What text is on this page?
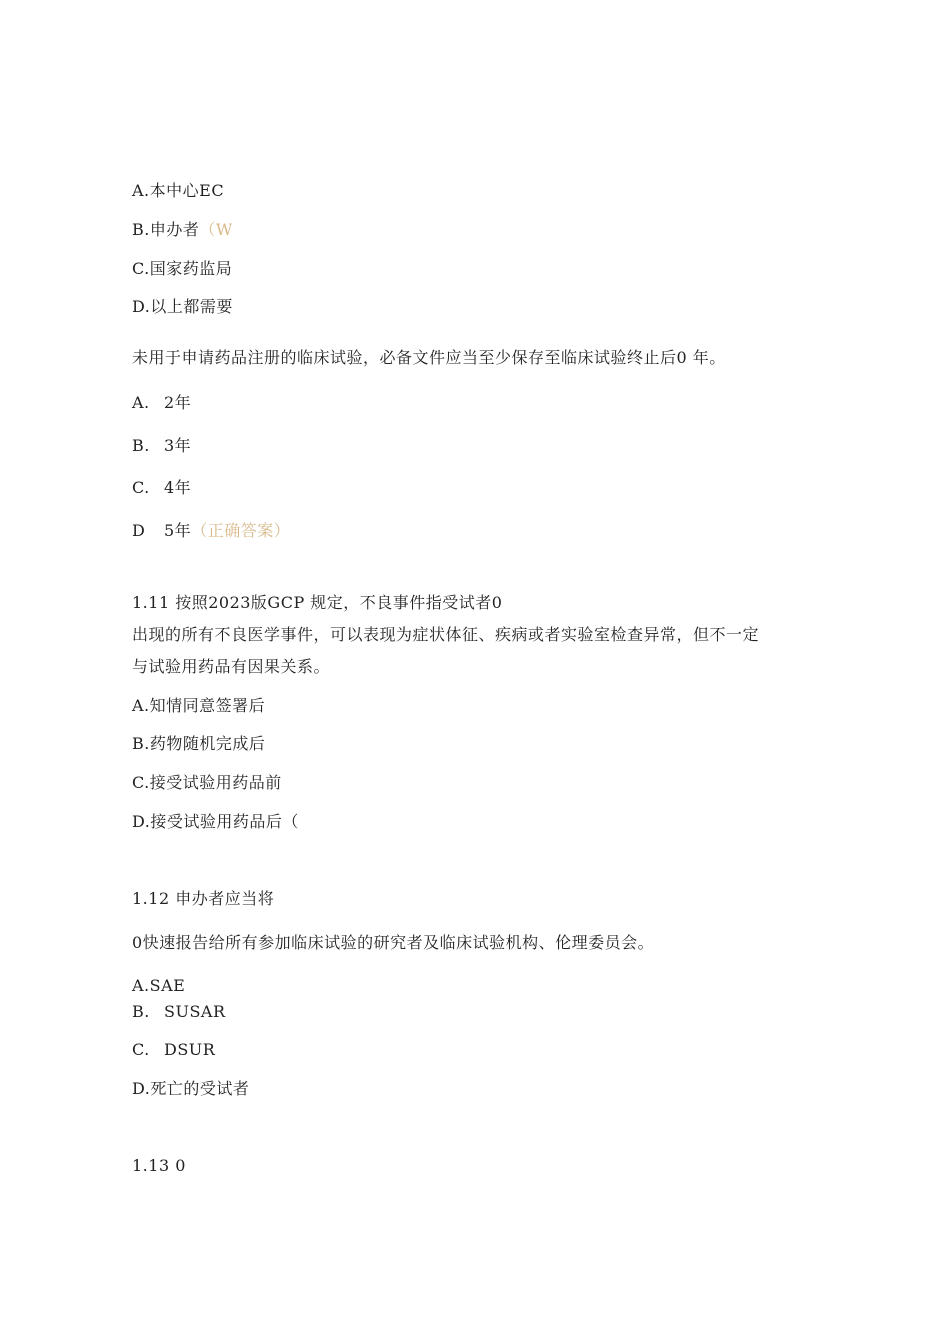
A.本中心EC
B.申办者（W
C.国家药监局
D.以上都需要
未用于申请药品注册的临床试验，必备文件应当至少保存至临床试验终止后0 年。
A. 2年
B. 3年
C. 4年
D 5年（正确答案）
1.11 按照2023版GCP 规定，不良事件指受试者0
出现的所有不良医学事件，可以表现为症状体征、疾病或者实验室检查异常，但不一定
与试验用药品有因果关系。
A.知情同意签署后
B.药物随机完成后
C.接受试验用药品前
D.接受试验用药品后（
1.12 申办者应当将
0快速报告给所有参加临床试验的研究者及临床试验机构、伦理委员会。
A.SAE
B. SUSAR
C. DSUR
D.死亡的受试者
1.13 0
